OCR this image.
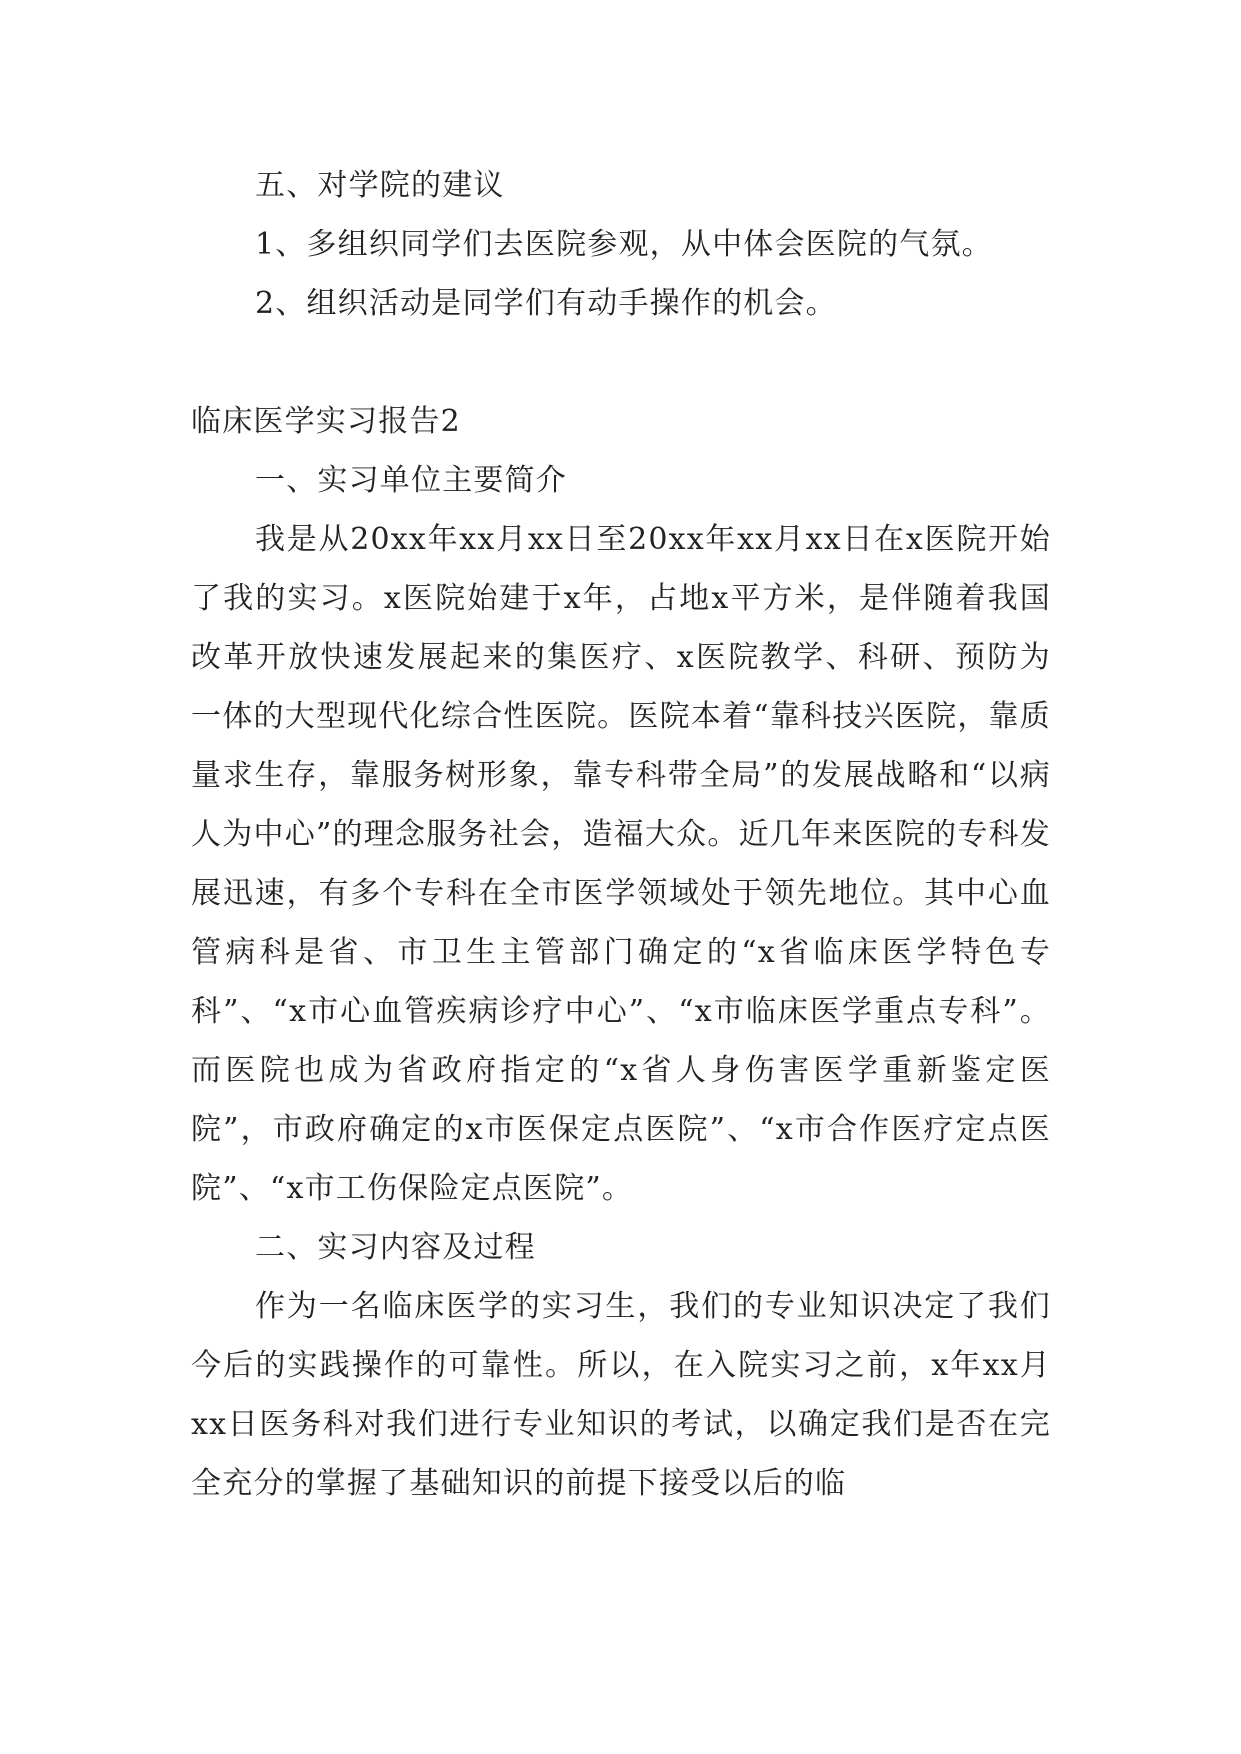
五、对学院的建议

1、多组织同学们去医院参观，从中体会医院的气氛。

2、组织活动是同学们有动手操作的机会。

临床医学实习报告2

一、实习单位主要简介

我是从20xx年xx月xx日至20xx年xx月xx日在x医院开始了我的实习。x医院始建于x年，占地x平方米，是伴随着我国改革开放快速发展起来的集医疗、x医院教学、科研、预防为一体的大型现代化综合性医院。医院本着“靠科技兴医院，靠质量求生存，靠服务树形象，靠专科带全局”的发展战略和“以病人为中心”的理念服务社会，造福大众。近几年来医院的专科发展迅速，有多个专科在全市医学领域处于领先地位。其中心血管病科是省、市卫生主管部门确定的“x省临床医学特色专科”、“x市心血管疾病诊疗中心”、“x市临床医学重点专科”。而医院也成为省政府指定的“x省人身伤害医学重新鉴定医院”，市政府确定的x市医保定点医院”、“x市合作医疗定点医院”、“x市工伤保险定点医院”。

二、实习内容及过程

作为一名临床医学的实习生，我们的专业知识决定了我们今后的实践操作的可靠性。所以，在入院实习之前，x年xx月xx日医务科对我们进行专业知识的考试，以确定我们是否在完全充分的掌握了基础知识的前提下接受以后的临
